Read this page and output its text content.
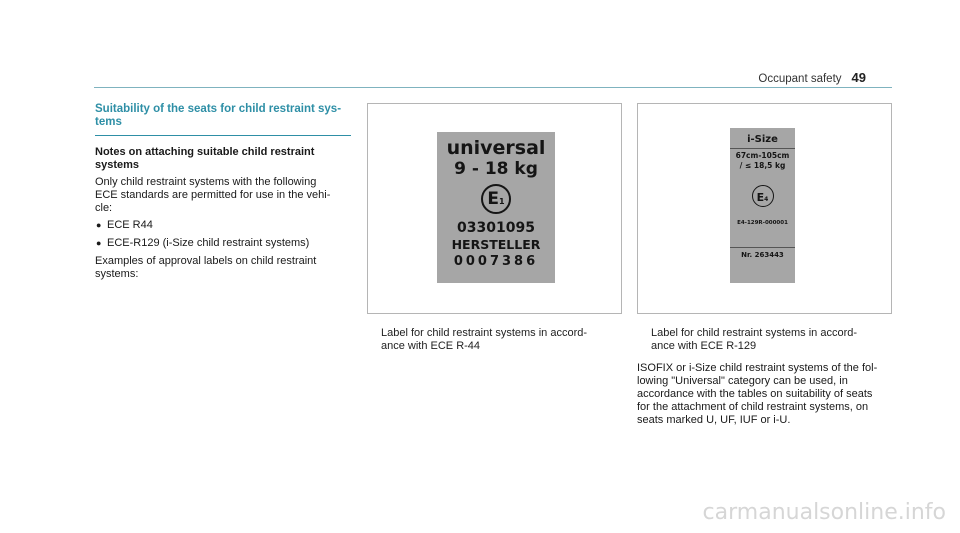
Occupant safety 49
Suitability of the seats for child restraint sys-
tems
Notes on attaching suitable child restraint
systems

Only child restraint systems with the following
ECE standards are permitted for use in the vehi-
cle:

● ECE R44
● ECE-R129 (i-Size child restraint systems)

Examples of approval labels on child restraint
systems:

universal
9 - 18 kg
E1
03301095
HERSTELLER
0007386
i-Size
67cm-105cm
/ ≤ 18,5 kg
E4
E4-129R-000001
Nr. 263443
Label for child restraint systems in accord-
ance with ECE R-44
Label for child restraint systems in accord-
ance with ECE R-129

ISOFIX or i-Size child restraint systems of the fol-
lowing "Universal" category can be used, in
accordance with the tables on suitability of seats
for the attachment of child restraint systems, on
seats marked U, UF, IUF or i-U.

carmanualsonline.info
